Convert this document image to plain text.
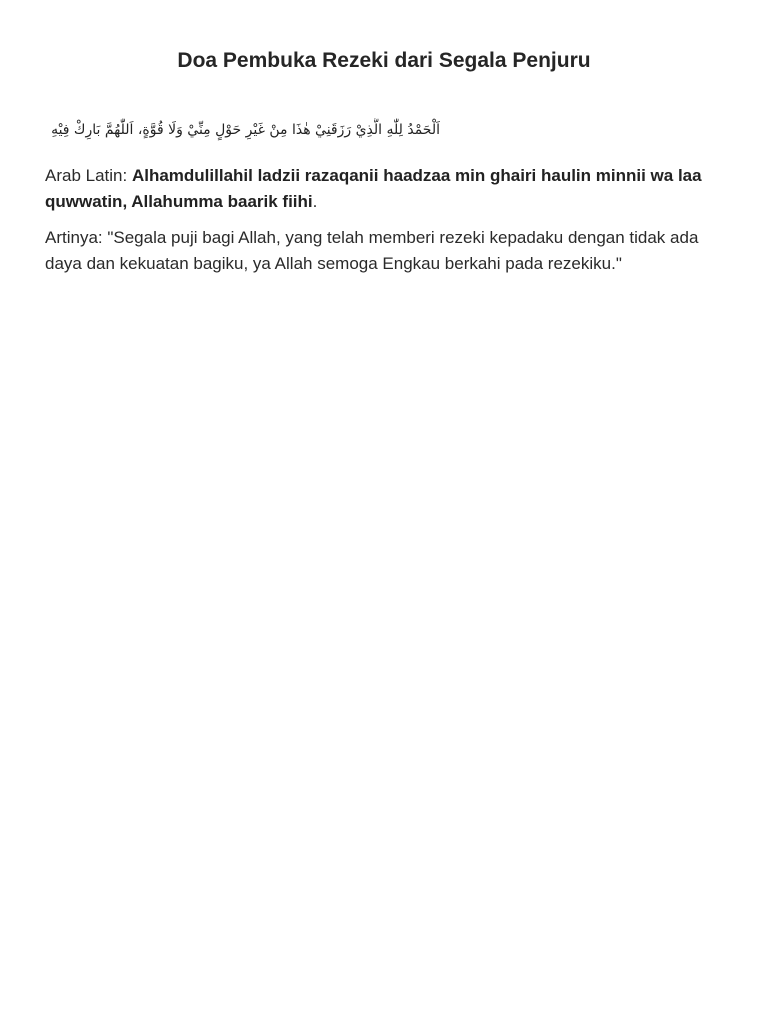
Doa Pembuka Rezeki dari Segala Penjuru
اَلْحَمْدُ لِلّٰهِ الَّذِيْ رَزَقَنِيْ هٰذَا مِنْ غَيْرِ حَوْلٍ مِنِّيْ وَلَا قُوَّةٍ، اَللّٰهُمَّ بَارِكْ فِيْهِ

Arab Latin: Alhamdulillahil ladzii razaqanii haadzaa min ghairi haulin minnii wa laa quwwatin, Allahumma baarik fiihi.

Artinya: "Segala puji bagi Allah, yang telah memberi rezeki kepadaku dengan tidak ada daya dan kekuatan bagiku, ya Allah semoga Engkau berkahi pada rezekiku."
